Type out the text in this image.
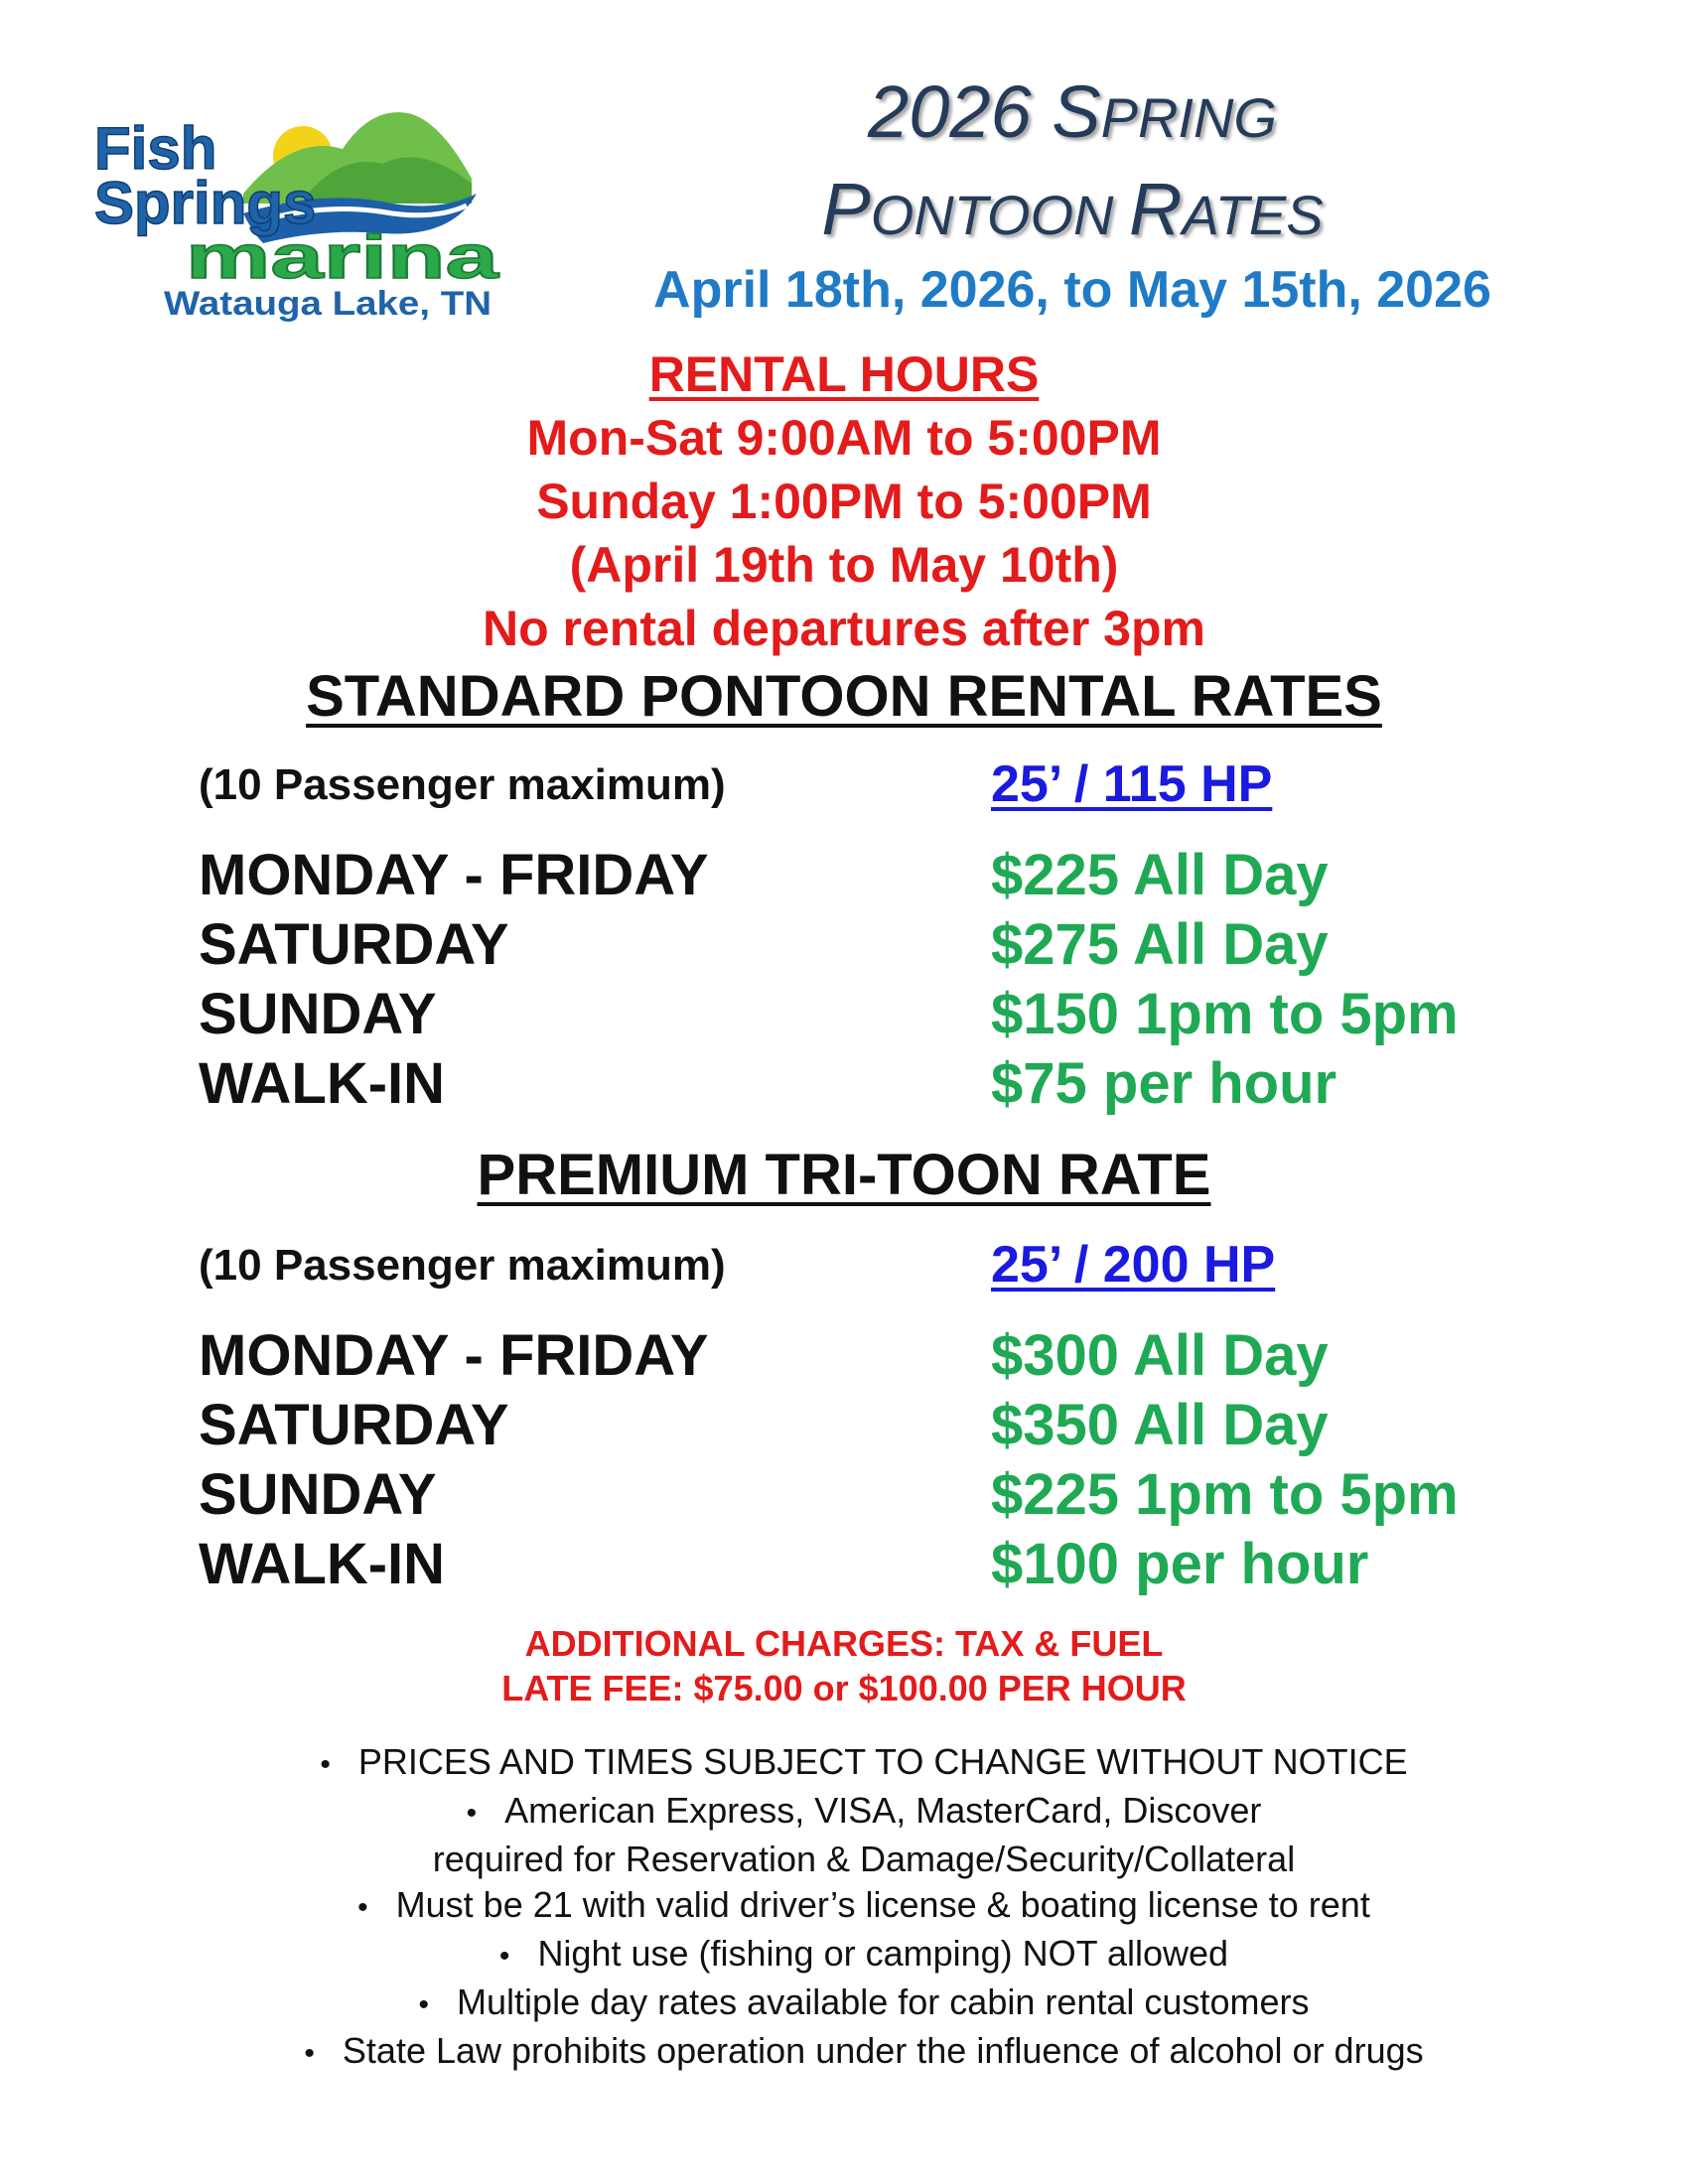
Fish
Springs
marina
Watauga Lake, TN
2026 SPRING
PONTOON RATES
April 18th, 2026, to May 15th, 2026
RENTAL HOURS
Mon-Sat 9:00AM to 5:00PM
Sunday 1:00PM to 5:00PM
(April 19th to May 10th)
No rental departures after 3pm
STANDARD PONTOON RENTAL RATES
(10 Passenger maximum)	25’ / 115 HP
MONDAY - FRIDAY	$225 All Day
SATURDAY	$275 All Day
SUNDAY	$150 1pm to 5pm
WALK-IN	$75 per hour
PREMIUM TRI-TOON RATE
(10 Passenger maximum)	25’ / 200 HP
MONDAY - FRIDAY	$300 All Day
SATURDAY	$350 All Day
SUNDAY	$225 1pm to 5pm
WALK-IN	$100 per hour
ADDITIONAL CHARGES: TAX & FUEL
LATE FEE: $75.00 or $100.00 PER HOUR
• PRICES AND TIMES SUBJECT TO CHANGE WITHOUT NOTICE
• American Express, VISA, MasterCard, Discover
required for Reservation & Damage/Security/Collateral
• Must be 21 with valid driver’s license & boating license to rent
• Night use (fishing or camping) NOT allowed
• Multiple day rates available for cabin rental customers
• State Law prohibits operation under the influence of alcohol or drugs
